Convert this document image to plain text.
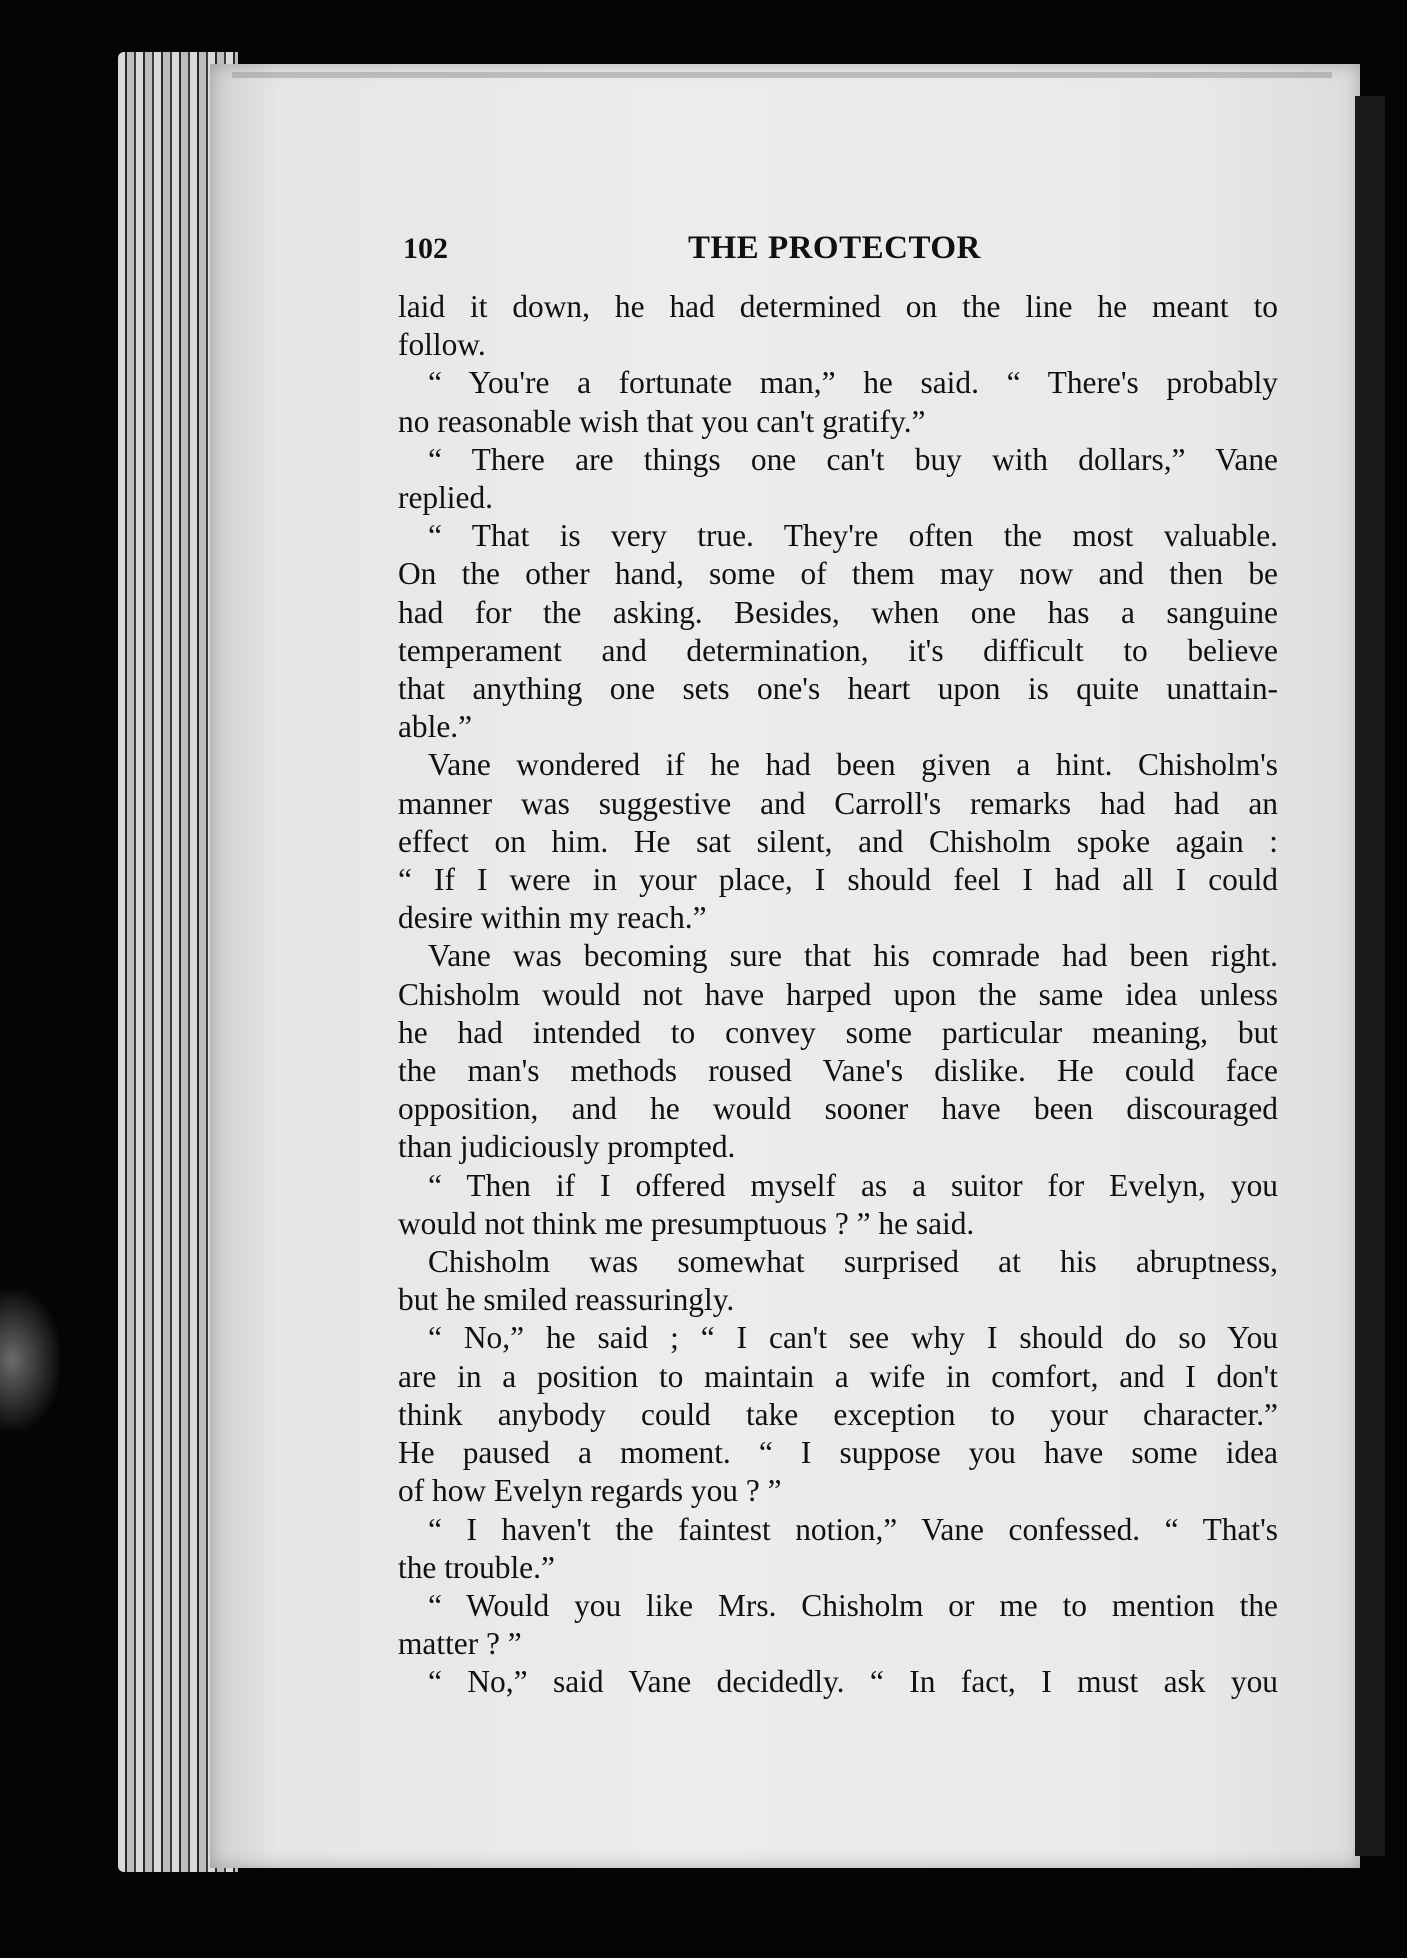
102	THE PROTECTOR
laid it down, he had determined on the line he meant to
follow.
“ You're a fortunate man,” he said. “ There's probably
no reasonable wish that you can't gratify.”
“ There are things one can't buy with dollars,” Vane
replied.
“ That is very true. They're often the most valuable.
On the other hand, some of them may now and then be
had for the asking. Besides, when one has a sanguine
temperament and determination, it's difficult to believe
that anything one sets one's heart upon is quite unattain-
able.”
Vane wondered if he had been given a hint. Chisholm's
manner was suggestive and Carroll's remarks had had an
effect on him. He sat silent, and Chisholm spoke again :
“ If I were in your place, I should feel I had all I could
desire within my reach.”
Vane was becoming sure that his comrade had been right.
Chisholm would not have harped upon the same idea unless
he had intended to convey some particular meaning, but
the man's methods roused Vane's dislike. He could face
opposition, and he would sooner have been discouraged
than judiciously prompted.
“ Then if I offered myself as a suitor for Evelyn, you
would not think me presumptuous ? ” he said.
Chisholm was somewhat surprised at his abruptness,
but he smiled reassuringly.
“ No,” he said ; “ I can't see why I should do so You
are in a position to maintain a wife in comfort, and I don't
think anybody could take exception to your character.”
He paused a moment. “ I suppose you have some idea
of how Evelyn regards you ? ”
“ I haven't the faintest notion,” Vane confessed. “ That's
the trouble.”
“ Would you like Mrs. Chisholm or me to mention the
matter ? ”
“ No,” said Vane decidedly. “ In fact, I must ask you
